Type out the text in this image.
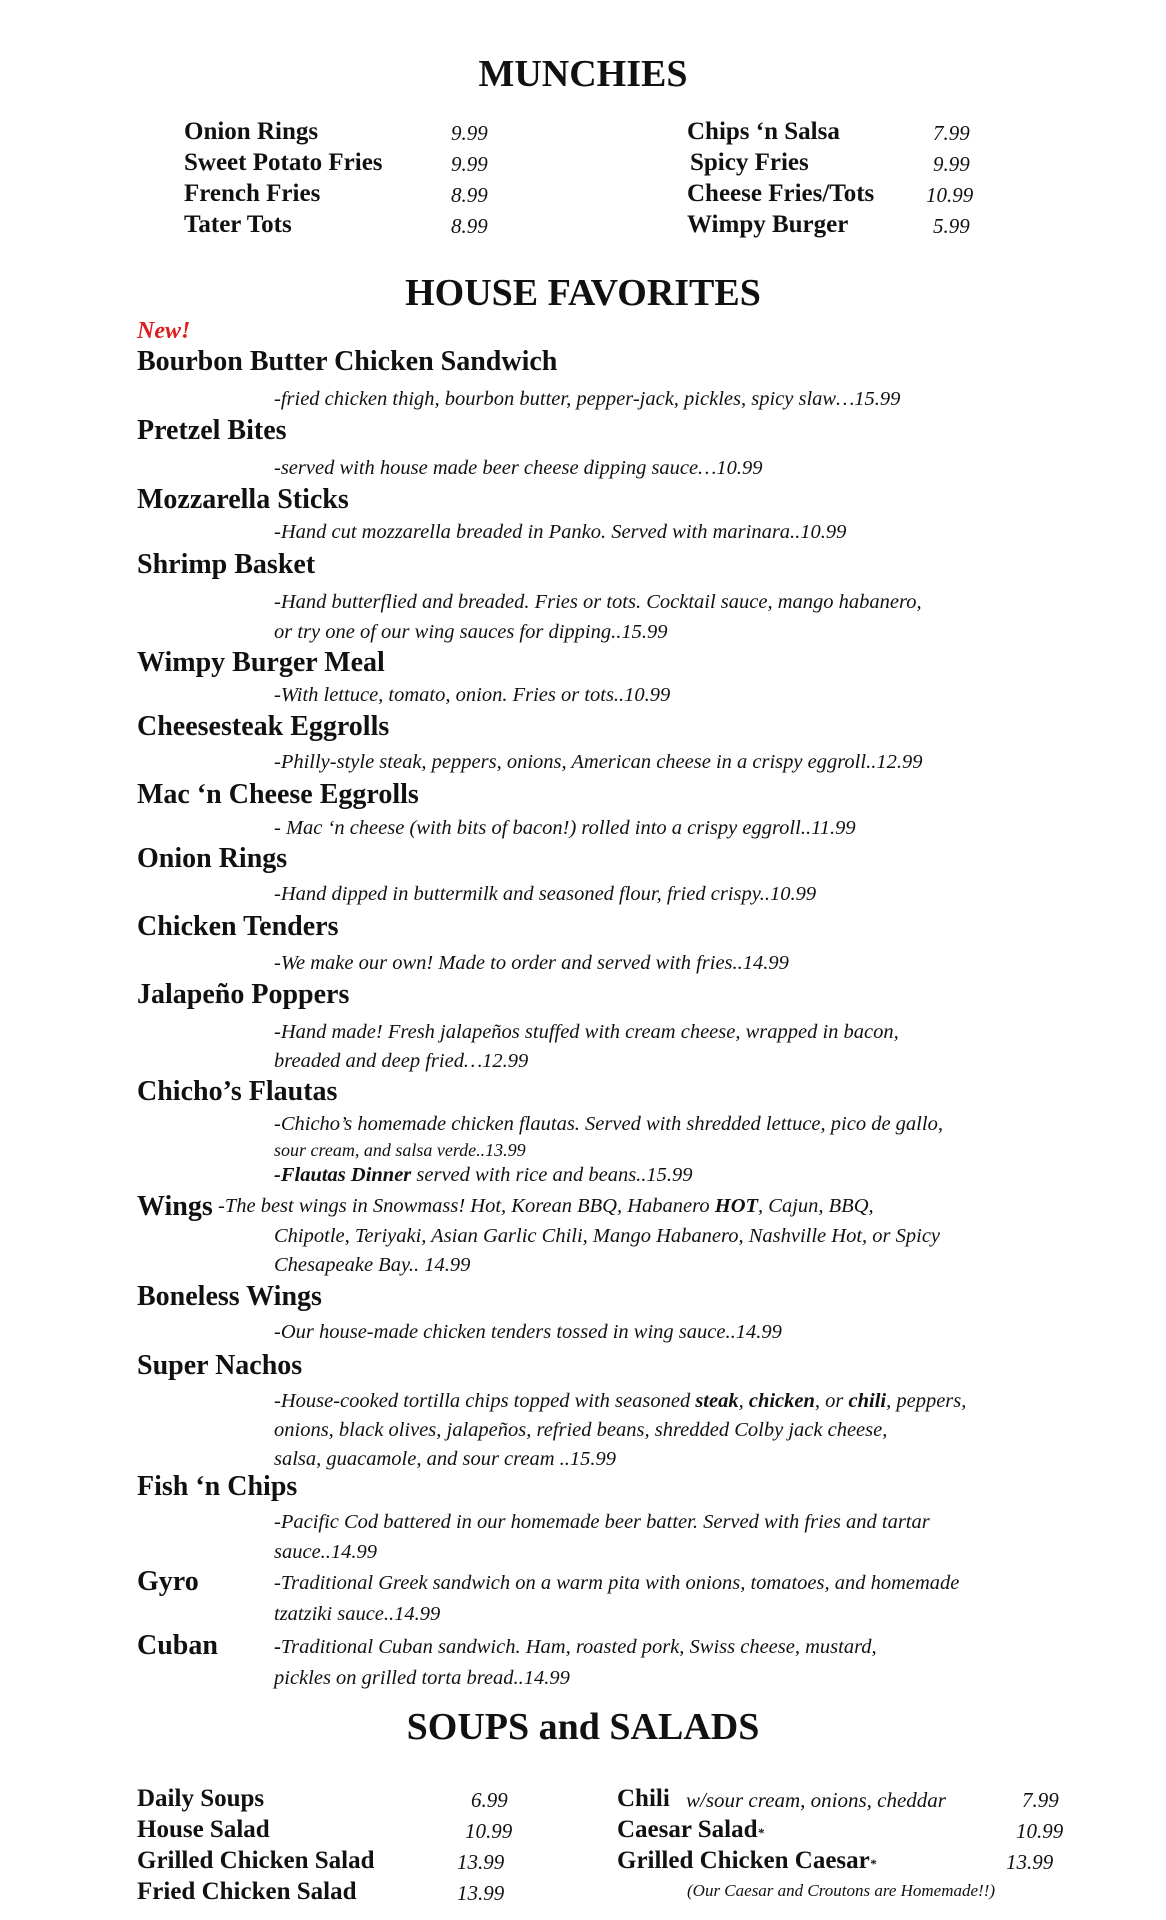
MUNCHIES
Onion Rings	9.99
Sweet Potato Fries	9.99
French Fries	8.99
Tater Tots	8.99
Chips ‘n Salsa	7.99
Spicy Fries	9.99
Cheese Fries/Tots 10.99
Wimpy Burger	5.99
HOUSE FAVORITES
New!
Bourbon Butter Chicken Sandwich
-fried chicken thigh, bourbon butter, pepper-jack, pickles, spicy slaw…15.99
Pretzel Bites
-served with house made beer cheese dipping sauce…10.99
Mozzarella Sticks
-Hand cut mozzarella breaded in Panko. Served with marinara..10.99
Shrimp Basket
-Hand butterflied and breaded. Fries or tots. Cocktail sauce, mango habanero,
or try one of our wing sauces for dipping..15.99
Wimpy Burger Meal
-With lettuce, tomato, onion. Fries or tots..10.99
Cheesesteak Eggrolls
-Philly-style steak, peppers, onions, American cheese in a crispy eggroll..12.99
Mac ‘n Cheese Eggrolls
- Mac ‘n cheese (with bits of bacon!) rolled into a crispy eggroll..11.99
Onion Rings
-Hand dipped in buttermilk and seasoned flour, fried crispy..10.99
Chicken Tenders
-We make our own! Made to order and served with fries..14.99
Jalapeño Poppers
-Hand made! Fresh jalapeños stuffed with cream cheese, wrapped in bacon,
breaded and deep fried…12.99
Chicho’s Flautas
-Chicho’s homemade chicken flautas. Served with shredded lettuce, pico de gallo,
sour cream, and salsa verde..13.99
-Flautas Dinner served with rice and beans..15.99
Wings -The best wings in Snowmass! Hot, Korean BBQ, Habanero HOT, Cajun, BBQ,
Chipotle, Teriyaki, Asian Garlic Chili, Mango Habanero, Nashville Hot, or Spicy
Chesapeake Bay.. 14.99
Boneless Wings
-Our house-made chicken tenders tossed in wing sauce..14.99
Super Nachos
-House-cooked tortilla chips topped with seasoned steak, chicken, or chili, peppers,
onions, black olives, jalapeños, refried beans, shredded Colby jack cheese,
salsa, guacamole, and sour cream ..15.99
Fish ‘n Chips
-Pacific Cod battered in our homemade beer batter. Served with fries and tartar
sauce..14.99
Gyro	-Traditional Greek sandwich on a warm pita with onions, tomatoes, and homemade
tzatziki sauce..14.99
Cuban	-Traditional Cuban sandwich. Ham, roasted pork, Swiss cheese, mustard,
pickles on grilled torta bread..14.99
SOUPS and SALADS
Daily Soups	6.99
House Salad	10.99
Grilled Chicken Salad	13.99
Fried Chicken Salad	13.99
Chili w/sour cream, onions, cheddar	7.99
Caesar Salad*	10.99
Grilled Chicken Caesar*	13.99
(Our Caesar and Croutons are Homemade!!)
